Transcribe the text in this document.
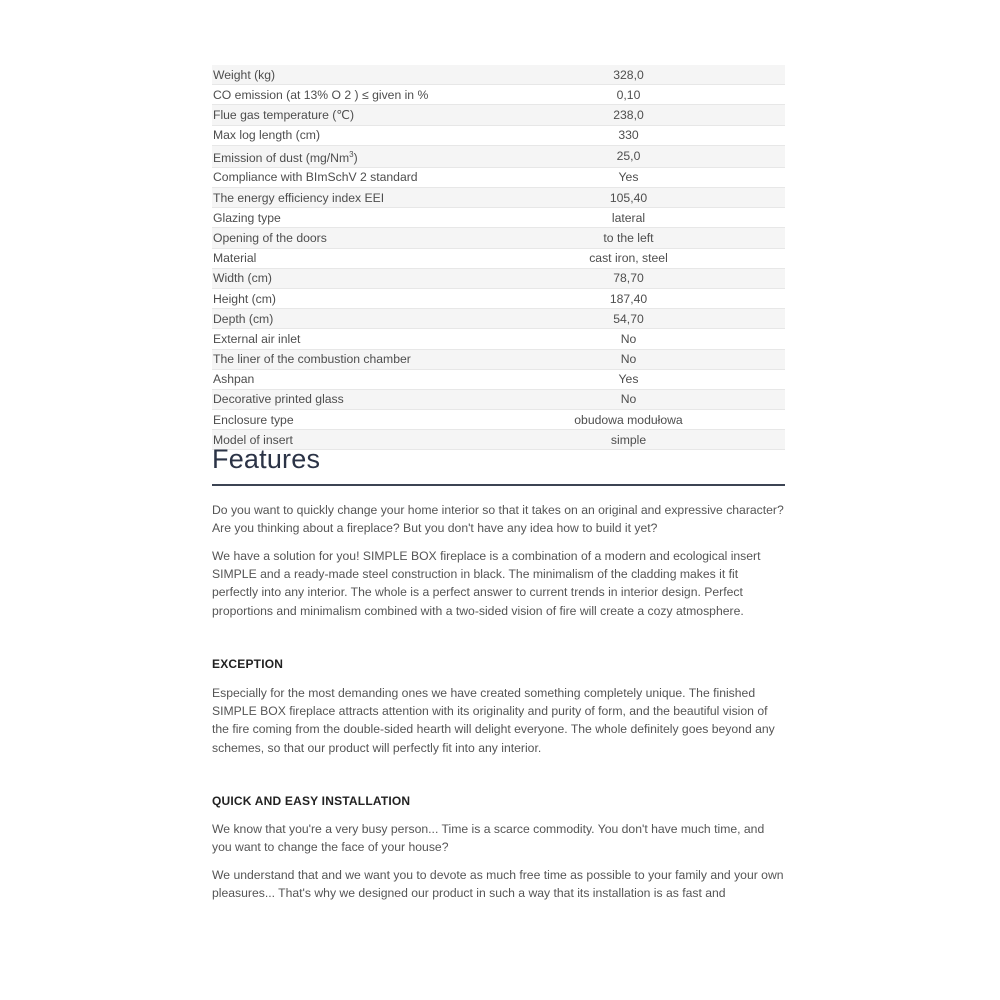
Weight (kg)	328,0
CO emission (at 13% O 2 ) ≤ given in %	0,10
Flue gas temperature (℃)	238,0
Max log length (cm)	330
Emission of dust (mg/Nm$^3$)	25,0
Compliance with BImSchV 2 standard	Yes
The energy efficiency index EEI	105,40
Glazing type	lateral
Opening of the doors	to the left
Material	cast iron, steel
Width (cm)	78,70
Height (cm)	187,40
Depth (cm)	54,70
External air inlet	No
The liner of the combustion chamber	No
Ashpan	Yes
Decorative printed glass	No
Enclosure type	obudowa modułowa
Model of insert	simple
Features

Do you want to quickly change your home interior so that it takes on an original and expressive character? Are you thinking about a fireplace? But you don't have any idea how to build it yet?

We have a solution for you! SIMPLE BOX fireplace is a combination of a modern and ecological insert SIMPLE and a ready-made steel construction in black. The minimalism of the cladding makes it fit perfectly into any interior. The whole is a perfect answer to current trends in interior design. Perfect proportions and minimalism combined with a two-sided vision of fire will create a cozy atmosphere.

EXCEPTION

Especially for the most demanding ones we have created something completely unique. The finished SIMPLE BOX fireplace attracts attention with its originality and purity of form, and the beautiful vision of the fire coming from the double-sided hearth will delight everyone. The whole definitely goes beyond any schemes, so that our product will perfectly fit into any interior.

QUICK AND EASY INSTALLATION

We know that you're a very busy person... Time is a scarce commodity. You don't have much time, and you want to change the face of your house?

We understand that and we want you to devote as much free time as possible to your family and your own pleasures... That's why we designed our product in such a way that its installation is as fast and
